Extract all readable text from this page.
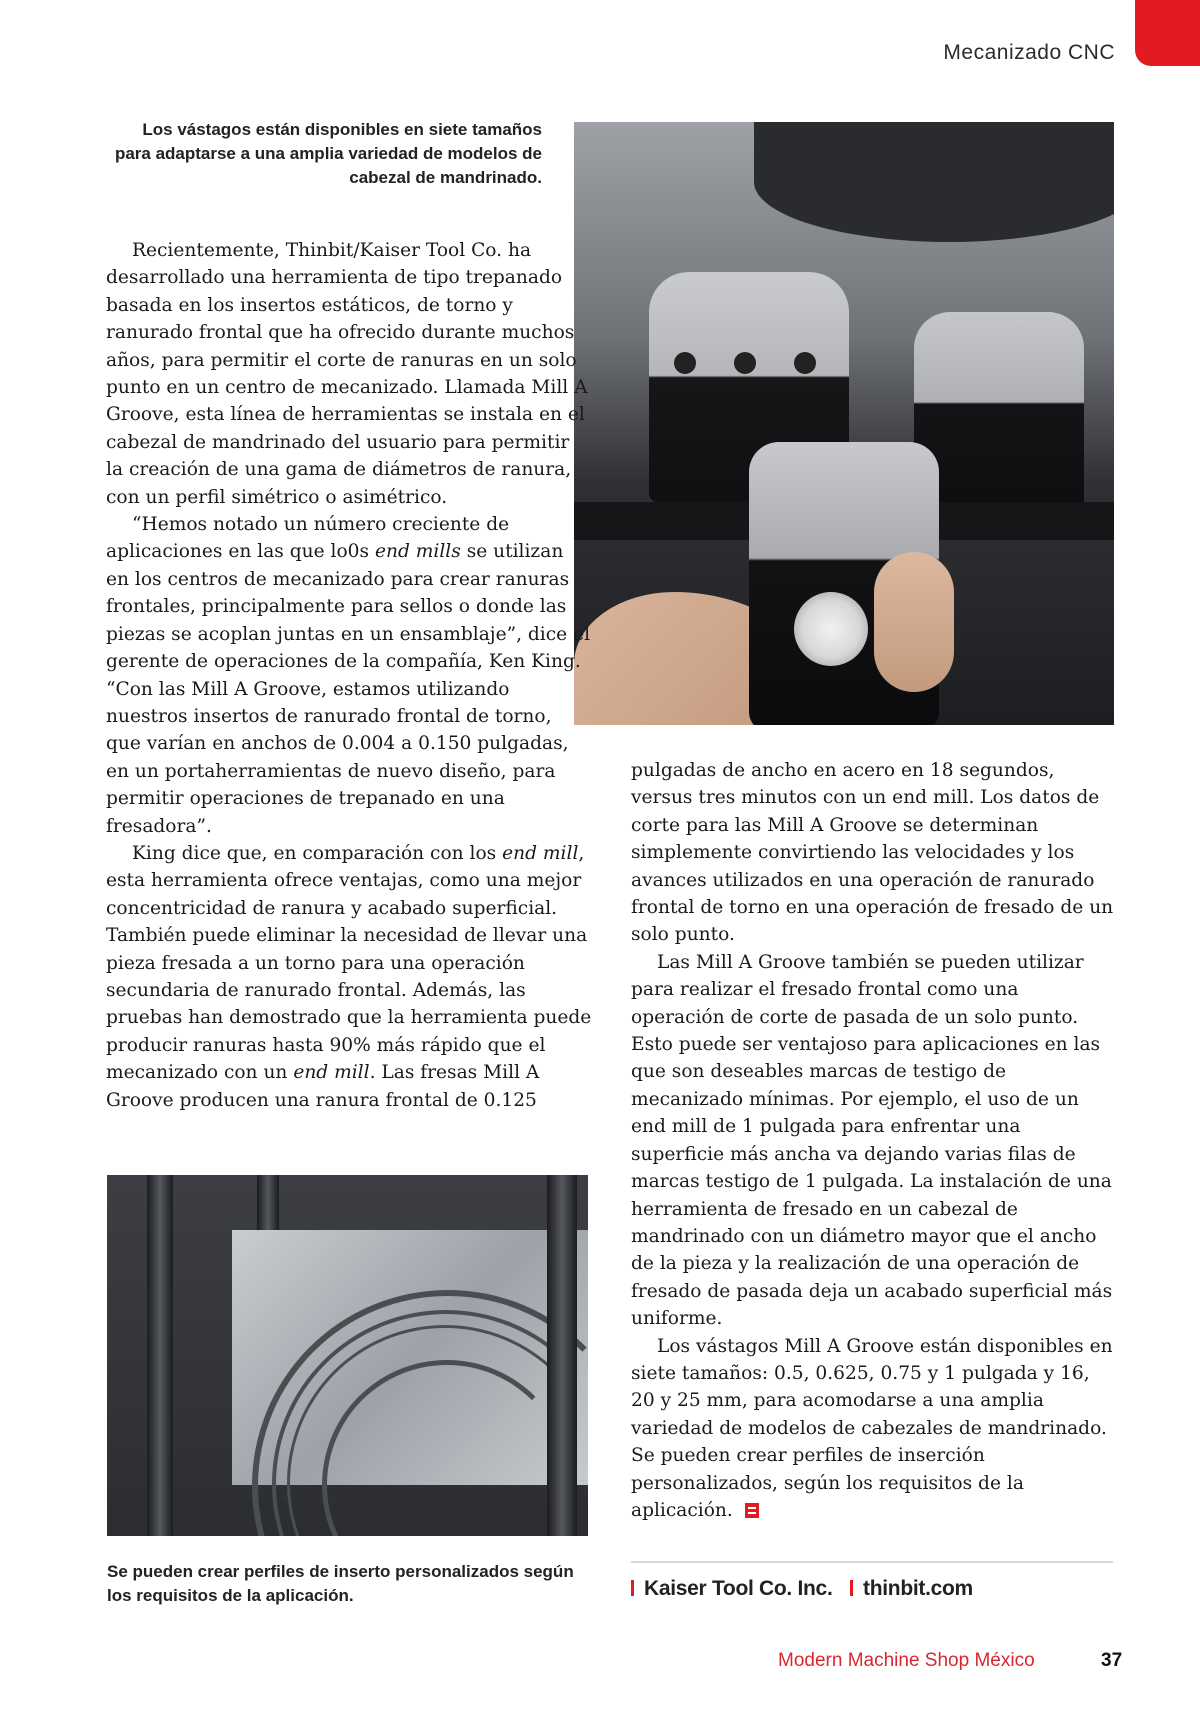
Mecanizado CNC
Los vástagos están disponibles en siete tamaños para adaptarse a una amplia variedad de modelos de cabezal de mandrinado.

Recientemente, Thinbit/Kaiser Tool Co. ha desarrollado una herramienta de tipo trepanado basada en los insertos estáticos, de torno y ranurado frontal que ha ofrecido durante muchos años, para permitir el corte de ranuras en un solo punto en un centro de mecanizado. Llamada Mill A Groove, esta línea de herramientas se instala en el cabezal de mandrinado del usuario para permitir la creación de una gama de diámetros de ranura, con un perfil simétrico o asimétrico.

“Hemos notado un número creciente de aplicaciones en las que lo0s end mills se utilizan en los centros de mecanizado para crear ranuras frontales, principalmente para sellos o donde las piezas se acoplan juntas en un ensamblaje”, dice el gerente de operaciones de la compañía, Ken King. “Con las Mill A Groove, estamos utilizando nuestros insertos de ranurado frontal de torno, que varían en anchos de 0.004 a 0.150 pulgadas, en un portaherramientas de nuevo diseño, para permitir operaciones de trepanado en una fresadora”.

King dice que, en comparación con los end mill, esta herramienta ofrece ventajas, como una mejor concentricidad de ranura y acabado superficial. También puede eliminar la necesidad de llevar una pieza fresada a un torno para una operación secundaria de ranurado frontal. Además, las pruebas han demostrado que la herramienta puede producir ranuras hasta 90% más rápido que el mecanizado con un end mill. Las fresas Mill A Groove producen una ranura frontal de 0.125

pulgadas de ancho en acero en 18 segundos, versus tres minutos con un end mill. Los datos de corte para las Mill A Groove se determinan simplemente convirtiendo las velocidades y los avances utilizados en una operación de ranurado frontal de torno en una operación de fresado de un solo punto.

Las Mill A Groove también se pueden utilizar para realizar el fresado frontal como una operación de corte de pasada de un solo punto. Esto puede ser ventajoso para aplicaciones en las que son deseables marcas de testigo de mecanizado mínimas. Por ejemplo, el uso de un end mill de 1 pulgada para enfrentar una superficie más ancha va dejando varias filas de marcas testigo de 1 pulgada. La instalación de una herramienta de fresado en un cabezal de mandrinado con un diámetro mayor que el ancho de la pieza y la realización de una operación de fresado de pasada deja un acabado superficial más uniforme.

Los vástagos Mill A Groove están disponibles en siete tamaños: 0.5, 0.625, 0.75 y 1 pulgada y 16, 20 y 25 mm, para acomodarse a una amplia variedad de modelos de cabezales de mandrinado. Se pueden crear perfiles de inserción personalizados, según los requisitos de la aplicación.

Se pueden crear perfiles de inserto personalizados según los requisitos de la aplicación.	Kaiser Tool Co. Inc. thinbit.com
Modern Machine Shop México	37
